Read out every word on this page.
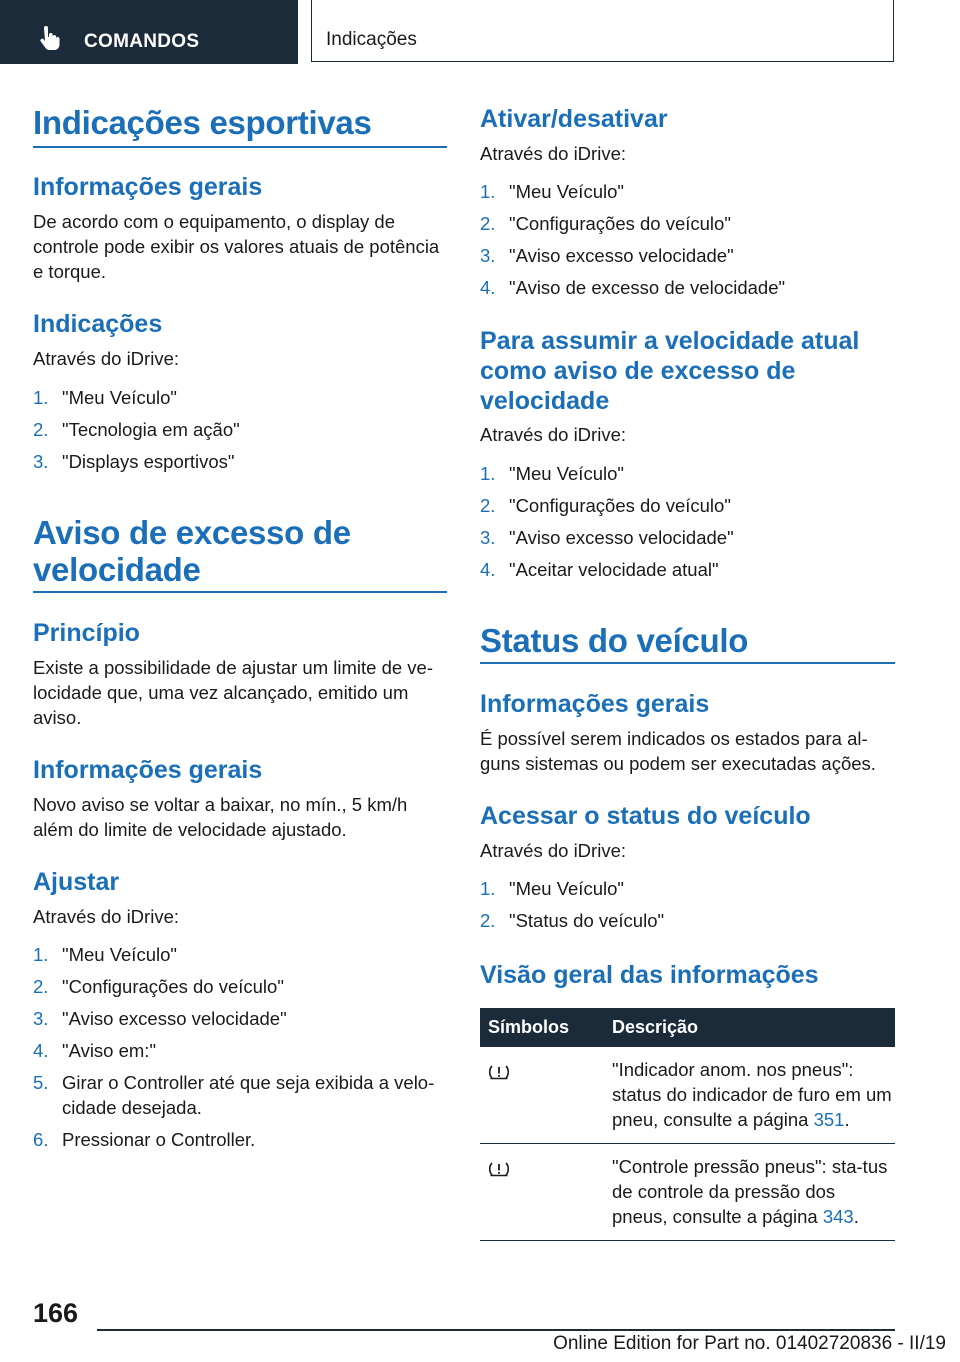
COMANDOS	Indicações
Indicações esportivas
Informações gerais

De acordo com o equipamento, o display de controle pode exibir os valores atuais de potência e torque.

Indicações

Através do iDrive:

1. "Meu Veículo"
2. "Tecnologia em ação"
3. "Displays esportivos"
Aviso de excesso de
velocidade
Princípio

Existe a possibilidade de ajustar um limite de ve-locidade que, uma vez alcançado, emitido um aviso.

Informações gerais

Novo aviso se voltar a baixar, no mín., 5 km/h além do limite de velocidade ajustado.

Ajustar

Através do iDrive:

1. "Meu Veículo"
2. "Configurações do veículo"
3. "Aviso excesso velocidade"
4. "Aviso em:"
5. Girar o Controller até que seja exibida a velo-cidade desejada.
6. Pressionar o Controller.
Ativar/desativar

Através do iDrive:

1. "Meu Veículo"
2. "Configurações do veículo"
3. "Aviso excesso velocidade"
4. "Aviso de excesso de velocidade"
Para assumir a velocidade atual como aviso de excesso de velocidade

Através do iDrive:

1. "Meu Veículo"
2. "Configurações do veículo"
3. "Aviso excesso velocidade"
4. "Aceitar velocidade atual"
Status do veículo
Informações gerais

É possível serem indicados os estados para al-guns sistemas ou podem ser executadas ações.

Acessar o status do veículo

Através do iDrive:

1. "Meu Veículo"
2. "Status do veículo"
Visão geral das informações
Símbolos	Descrição
	"Indicador anom. nos pneus": status do indicador de furo em um pneu, consulte a página 351.
	"Controle pressão pneus": sta-tus de controle da pressão dos pneus, consulte a página 343.
166
Online Edition for Part no. 01402720836 - II/19
